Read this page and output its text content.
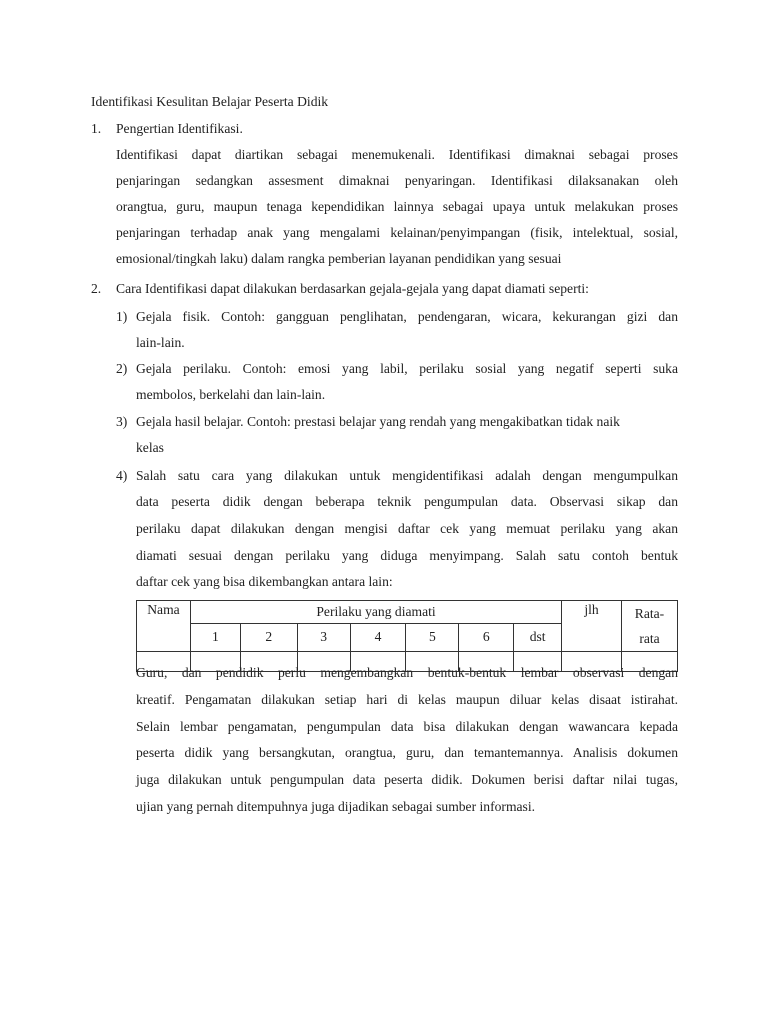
Identifikasi Kesulitan Belajar Peserta Didik
1. Pengertian Identifikasi.
Identifikasi dapat diartikan sebagai menemukenali. Identifikasi dimaknai sebagai proses
penjaringan sedangkan assesment dimaknai penyaringan. Identifikasi dilaksanakan oleh
orangtua, guru, maupun tenaga kependidikan lainnya sebagai upaya untuk melakukan proses
penjaringan terhadap anak yang mengalami kelainan/penyimpangan (fisik, intelektual, sosial,
emosional/tingkah laku) dalam rangka pemberian layanan pendidikan yang sesuai
2. Cara Identifikasi dapat dilakukan berdasarkan gejala-gejala yang dapat diamati seperti:
1) Gejala fisik. Contoh: gangguan penglihatan, pendengaran, wicara, kekurangan gizi dan
lain-lain.
2) Gejala perilaku. Contoh: emosi yang labil, perilaku sosial yang negatif seperti suka
membolos, berkelahi dan lain-lain.
3) Gejala hasil belajar. Contoh: prestasi belajar yang rendah yang mengakibatkan tidak naik
kelas
4) Salah satu cara yang dilakukan untuk mengidentifikasi adalah dengan mengumpulkan
data peserta didik dengan beberapa teknik pengumpulan data. Observasi sikap dan
perilaku dapat dilakukan dengan mengisi daftar cek yang memuat perilaku yang akan
diamati sesuai dengan perilaku yang diduga menyimpang. Salah satu contoh bentuk
daftar cek yang bisa dikembangkan antara lain:
Nama	Perilaku yang diamati							jlh	Rata-
rata
	1	2	3	4	5	6	dst		

Guru, dan pendidik perlu mengembangkan bentuk-bentuk lembar observasi dengan
kreatif. Pengamatan dilakukan setiap hari di kelas maupun diluar kelas disaat istirahat.
Selain lembar pengamatan, pengumpulan data bisa dilakukan dengan wawancara kepada
peserta didik yang bersangkutan, orangtua, guru, dan temantemannya. Analisis dokumen
juga dilakukan untuk pengumpulan data peserta didik. Dokumen berisi daftar nilai tugas,
ujian yang pernah ditempuhnya juga dijadikan sebagai sumber informasi.
